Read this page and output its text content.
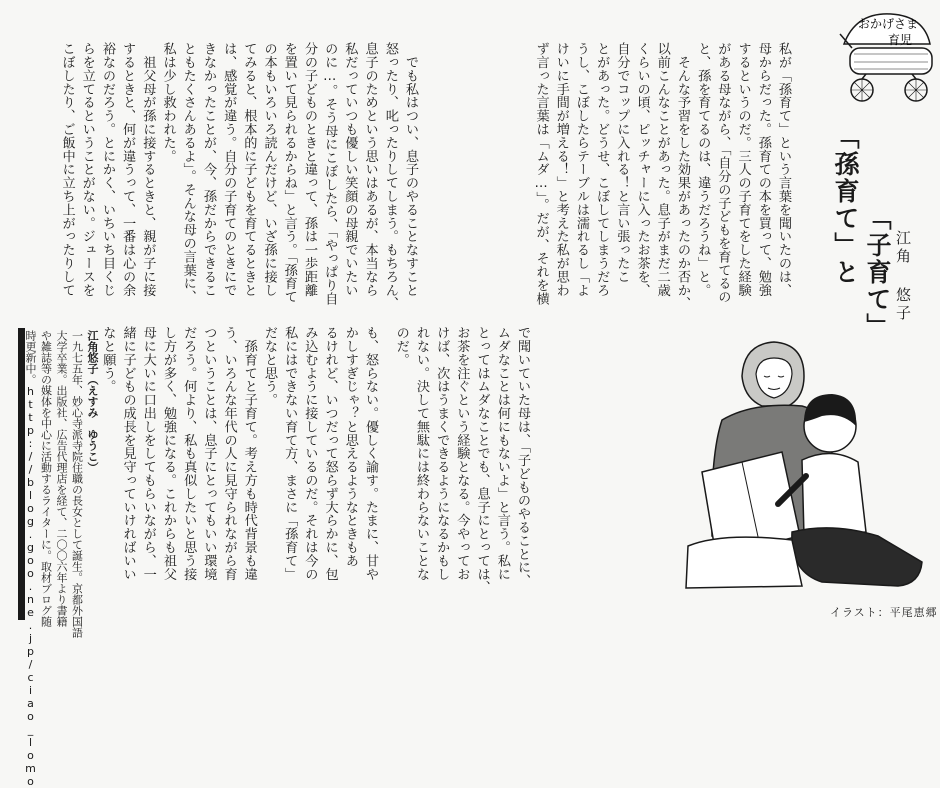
おかげさま
育児
「孫育て」と 「子育て」 江角 悠子
私が「孫育て」という言葉を聞いたのは、
母からだった。孫育ての本を買って、勉強
するというのだ。三人の子育てをした経験
がある母ながら、「自分の子どもを育てるの
と、孫を育てるのは、違うだろうね」と。
　そんな予習をした効果があったのか否か、
以前こんなことがあった。息子がまだ二歳
くらいの頃、ピッチャーに入ったお茶を、
自分でコップに入れる！と言い張ったこ
とがあった。どうせ、こぼしてしまうだろ
うし、こぼしたらテーブルは濡れるし「よ
けいに手間が増える！」と考えた私が思わ
ず言った言葉は「ムダ…」。だが、それを横
で聞いていた母は、「子どものやることに、
ムダなことは何にもないよ」と言う。私に
とってはムダなことでも、息子にとっては、
お茶を注ぐという経験となる。今やってお
けば、次はうまくできるようになるかもし
れない。決して無駄には終わらないことな
のだ。
　でも私はつい、息子のやることなすこと
怒ったり、叱ったりしてしまう。もちろん、
息子のためという思いはあるが、本当なら
私だっていつも優しい笑顔の母親でいたい
のに…。そう母にこぼしたら、「やっぱり自
分の子どものときと違って、孫は一歩距離
を置いて見られるからね」と言う。「孫育て
の本もいろいろ読んだけど、いざ孫に接し
てみると、根本的に子どもを育てるときと
は、感覚が違う。自分の子育てのときにで
きなかったことが、今、孫だからできるこ
ともたくさんあるよ」。そんな母の言葉に、
私は少し救われた。
　祖父母が孫に接するときと、親が子に接
するときと、何が違うって、一番は心の余
裕なのだろう。とにかく、いちいち目くじ
らを立てるということがない。ジュースを
こぼしたり、ご飯中に立ち上がったりして
も、怒らない。優しく諭す。たまに、甘や
かしすぎじゃ？と思えるようなときもあ
るけれど、いつだって怒らず大らかに、包
み込むように接しているのだ。それは今の
私にはできない育て方、まさに「孫育て」
だなと思う。
　孫育てと子育て。考え方も時代背景も違
う、いろんな年代の人に見守られながら育
つということは、息子にとってもいい環境
だろう。何より、私も真似したいと思う接
し方が多く、勉強になる。これからも祖父
母に大いに口出しをしてもらいながら、一
緒に子どもの成長を見守っていければいい
なと願う。
江角悠子（えすみ　ゆうこ）
一九七五年、妙心寺派寺院住職の長女として誕生。京都外国語
大学卒業。出版社、広告代理店を経て、二〇〇六年より書籍
や雑誌等の媒体を中心に活動するライターに。取材ブログ随
時更新中。http://blog.goo.ne.jp/ciao_lomo	イラスト：平尾恵郷
